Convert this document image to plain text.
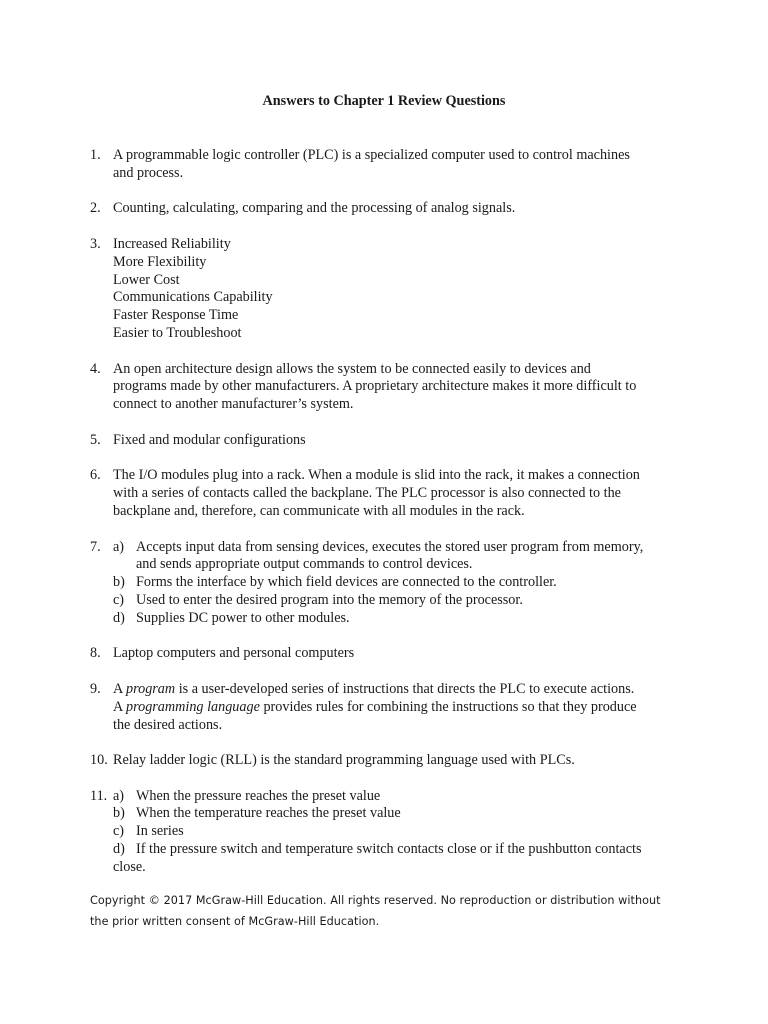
Answers to Chapter 1 Review Questions
1. A programmable logic controller (PLC) is a specialized computer used to control machines
and process.
2. Counting, calculating, comparing and the processing of analog signals.
3. Increased Reliability
More Flexibility
Lower Cost
Communications Capability
Faster Response Time
Easier to Troubleshoot
4. An open architecture design allows the system to be connected easily to devices and
programs made by other manufacturers. A proprietary architecture makes it more difficult to
connect to another manufacturer’s system.
5. Fixed and modular configurations
6. The I/O modules plug into a rack. When a module is slid into the rack, it makes a connection
with a series of contacts called the backplane. The PLC processor is also connected to the
backplane and, therefore, can communicate with all modules in the rack.
7. a) Accepts input data from sensing devices, executes the stored user program from memory,
and sends appropriate output commands to control devices.
b) Forms the interface by which field devices are connected to the controller.
c) Used to enter the desired program into the memory of the processor.
d) Supplies DC power to other modules.
8. Laptop computers and personal computers
9. A program is a user-developed series of instructions that directs the PLC to execute actions.
A programming language provides rules for combining the instructions so that they produce
the desired actions.
10. Relay ladder logic (RLL) is the standard programming language used with PLCs.
11. a) When the pressure reaches the preset value
b) When the temperature reaches the preset value
c) In series
d) If the pressure switch and temperature switch contacts close or if the pushbutton contacts
close.
Copyright © 2017 McGraw-Hill Education. All rights reserved. No reproduction or distribution without
the prior written consent of McGraw-Hill Education.
